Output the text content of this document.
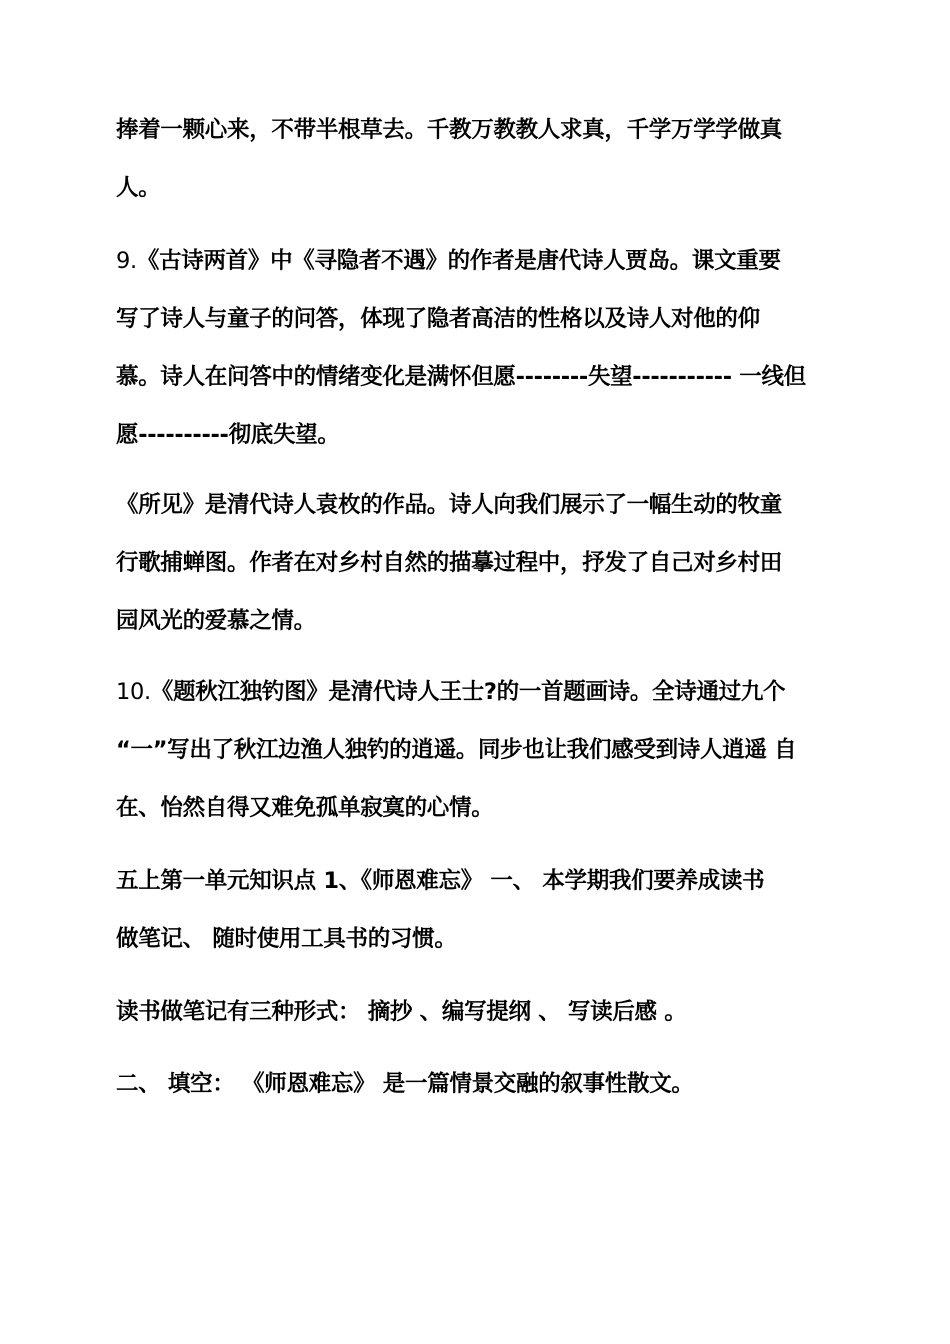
捧着一颗心来，不带半根草去。千教万教教人求真，千学万学学做真
人。
9.《古诗两首》中《寻隐者不遇》的作者是唐代诗人贾岛。课文重要
写了诗人与童子的问答，体现了隐者高洁的性格以及诗人对他的仰
慕。诗人在问答中的情绪变化是满怀但愿--------失望----------- 一线但
愿----------彻底失望。
《所见》是清代诗人袁枚的作品。诗人向我们展示了一幅生动的牧童
行歌捕蝉图。作者在对乡村自然的描摹过程中，抒发了自己对乡村田
园风光的爱慕之情。
10.《题秋江独钓图》是清代诗人王士?的一首题画诗。全诗通过九个
“一”写出了秋江边渔人独钓的逍遥。同步也让我们感受到诗人逍遥 自
在、怡然自得又难免孤单寂寞的心情。
五上第一单元知识点 1、《师恩难忘》 一、 本学期我们要养成读书
做笔记、 随时使用工具书的习惯。
读书做笔记有三种形式： 摘抄 、编写提纲 、 写读后感 。
二、 填空： 《师恩难忘》 是一篇情景交融的叙事性散文。
